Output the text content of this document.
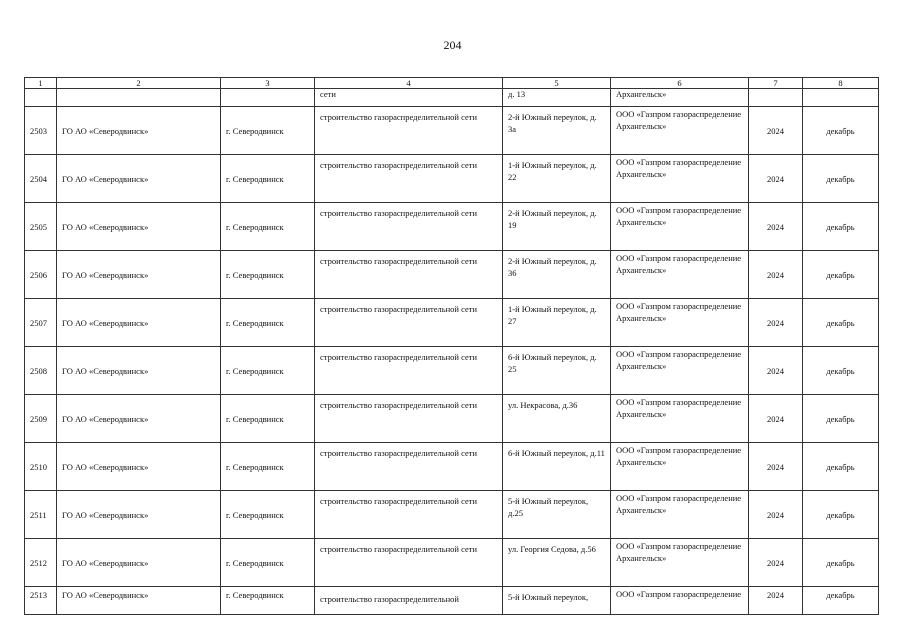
204
1	2	3	4	5	6	7	8
			сети	д. 13	Архангельск»		
2503	ГО АО «Северодвинск»	г. Северодвинск	строительство газораспределительной сети	2-й Южный переулок, д. 3а	ООО «Газпром газораспределение Архангельск»	2024	декабрь
2504	ГО АО «Северодвинск»	г. Северодвинск	строительство газораспределительной сети	1-й Южный переулок, д. 22	ООО «Газпром газораспределение Архангельск»	2024	декабрь
2505	ГО АО «Северодвинск»	г. Северодвинск	строительство газораспределительной сети	2-й Южный переулок, д. 19	ООО «Газпром газораспределение Архангельск»	2024	декабрь
2506	ГО АО «Северодвинск»	г. Северодвинск	строительство газораспределительной сети	2-й Южный переулок, д. 36	ООО «Газпром газораспределение Архангельск»	2024	декабрь
2507	ГО АО «Северодвинск»	г. Северодвинск	строительство газораспределительной сети	1-й Южный переулок, д. 27	ООО «Газпром газораспределение Архангельск»	2024	декабрь
2508	ГО АО «Северодвинск»	г. Северодвинск	строительство газораспределительной сети	6-й Южный переулок, д. 25	ООО «Газпром газораспределение Архангельск»	2024	декабрь
2509	ГО АО «Северодвинск»	г. Северодвинск	строительство газораспределительной сети	ул. Некрасова, д.36	ООО «Газпром газораспределение Архангельск»	2024	декабрь
2510	ГО АО «Северодвинск»	г. Северодвинск	строительство газораспределительной сети	6-й Южный переулок, д.11	ООО «Газпром газораспределение Архангельск»	2024	декабрь
2511	ГО АО «Северодвинск»	г. Северодвинск	строительство газораспределительной сети	5-й Южный переулок, д.25	ООО «Газпром газораспределение Архангельск»	2024	декабрь
2512	ГО АО «Северодвинск»	г. Северодвинск	строительство газораспределительной сети	ул. Георгия Седова, д.56	ООО «Газпром газораспределение Архангельск»	2024	декабрь
2513	ГО АО «Северодвинск»	г. Северодвинск	строительство газораспределительной	5-й Южный переулок,	ООО «Газпром газораспределение	2024	декабрь
